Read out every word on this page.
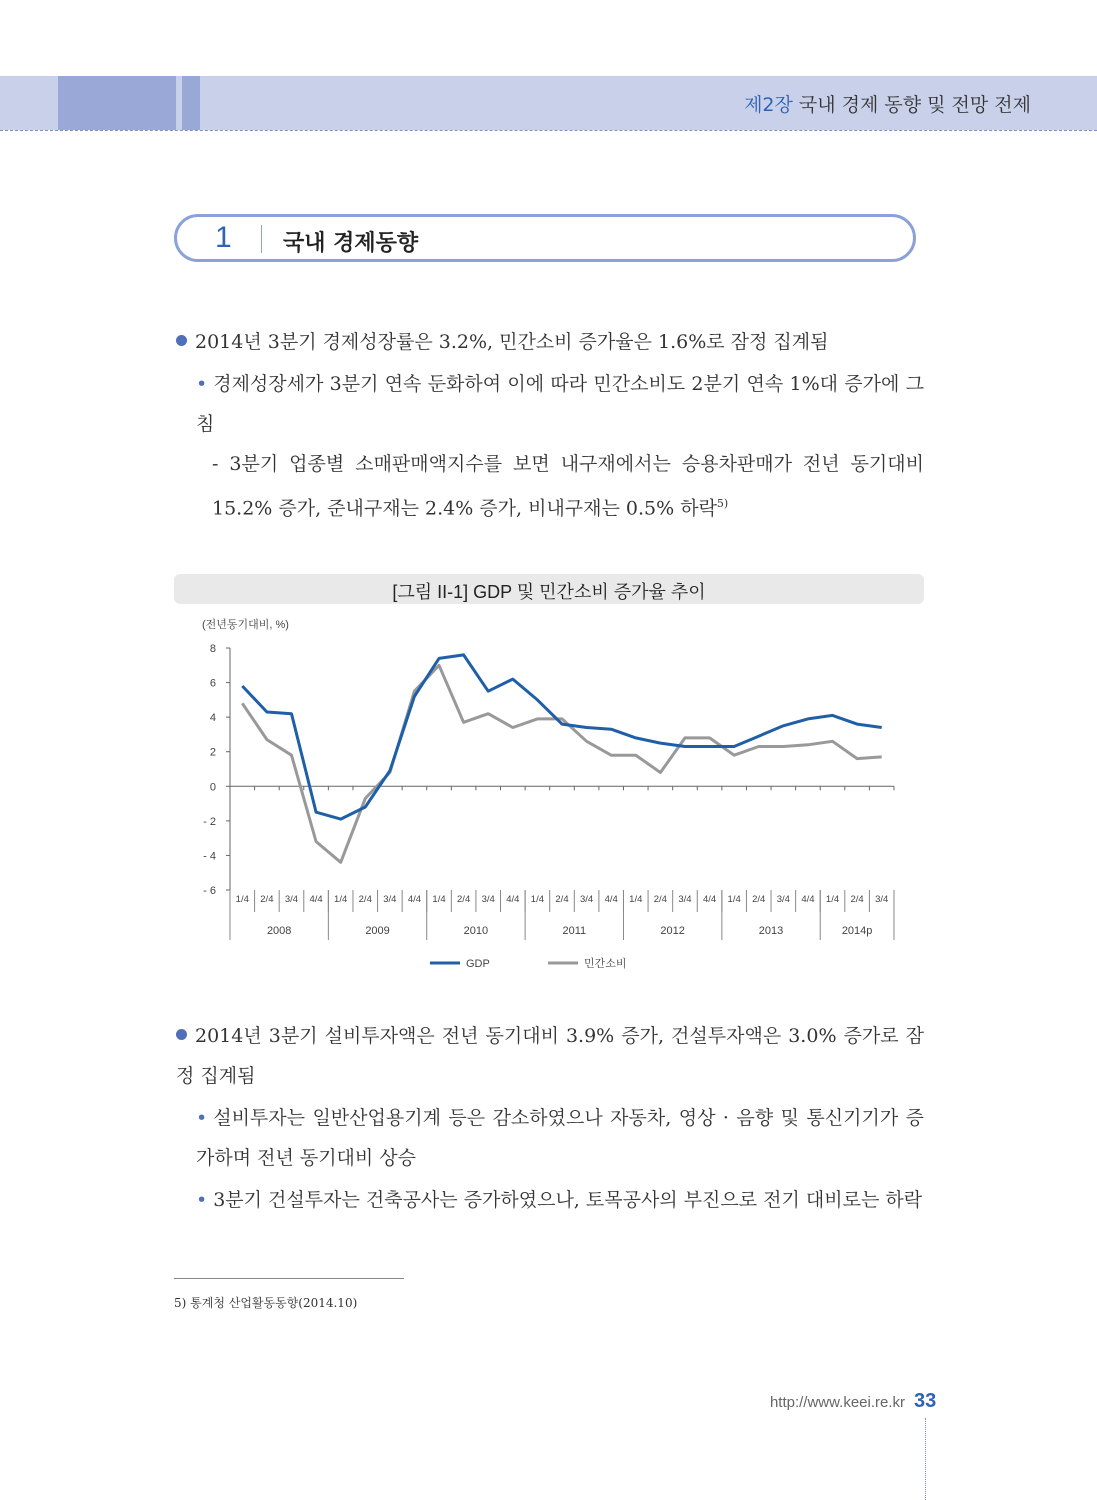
제2장 국내 경제 동향 및 전망 전제
1 국내 경제동향
2014년 3분기 경제성장률은 3.2%, 민간소비 증가율은 1.6%로 잠정 집계됨
• 경제성장세가 3분기 연속 둔화하여 이에 따라 민간소비도 2분기 연속 1%대 증가에 그침
- 3분기 업종별 소매판매액지수를 보면 내구재에서는 승용차판매가 전년 동기대비 15.2% 증가, 준내구재는 2.4% 증가, 비내구재는 0.5% 하락$^{5)}$
[그림 II-1] GDP 및 민간소비 증가율 추이
(전년동기대비, %)
8
6
4
2
0
- 2
- 4
- 6
1/4 2/4 3/4 4/4 1/4 2/4 3/4 4/4 1/4 2/4 3/4 4/4 1/4 2/4 3/4 4/4 1/4 2/4 3/4 4/4 1/4 2/4 3/4 4/4 1/4 2/4 3/4
2008	2009	2010	2011	2012	2013	2014p
GDP	민간소비
2014년 3분기 설비투자액은 전년 동기대비 3.9% 증가, 건설투자액은 3.0% 증가로 잠정 집계됨
• 설비투자는 일반산업용기계 등은 감소하였으나 자동차, 영상 · 음향 및 통신기기가 증가하며 전년 동기대비 상승
• 3분기 건설투자는 건축공사는 증가하였으나, 토목공사의 부진으로 전기 대비로는 하락
5) 통계청 산업활동동향(2014.10)
http://www.keei.re.kr 33
